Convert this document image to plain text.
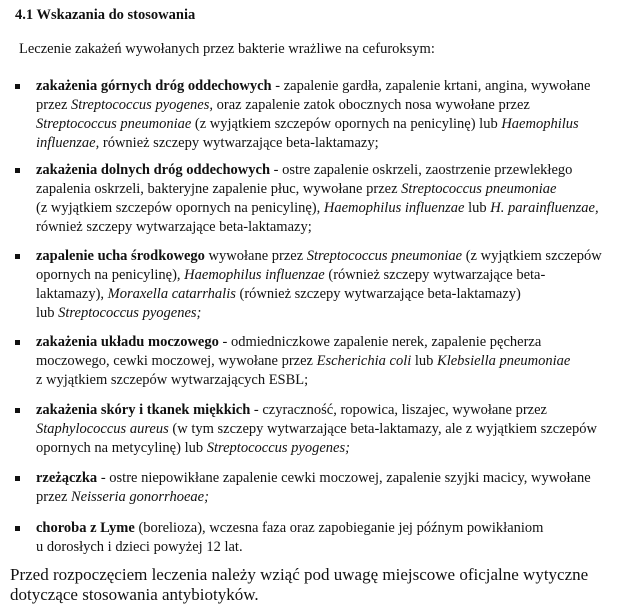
4.1 Wskazania do stosowania
Leczenie zakażeń wywołanych przez bakterie wrażliwe na cefuroksym:
zakażenia górnych dróg oddechowych - zapalenie gardła, zapalenie krtani, angina, wywołane
przez Streptococcus pyogenes, oraz zapalenie zatok obocznych nosa wywołane przez
Streptococcus pneumoniae (z wyjątkiem szczepów opornych na penicylinę) lub Haemophilus
influenzae, również szczepy wytwarzające beta-laktamazy;
zakażenia dolnych dróg oddechowych - ostre zapalenie oskrzeli, zaostrzenie przewlekłego
zapalenia oskrzeli, bakteryjne zapalenie płuc, wywołane przez Streptococcus pneumoniae
(z wyjątkiem szczepów opornych na penicylinę), Haemophilus influenzae lub H. parainfluenzae,
również szczepy wytwarzające beta-laktamazy;
zapalenie ucha środkowego wywołane przez Streptococcus pneumoniae (z wyjątkiem szczepów
opornych na penicylinę), Haemophilus influenzae (również szczepy wytwarzające beta-
laktamazy), Moraxella catarrhalis (również szczepy wytwarzające beta-laktamazy)
lub Streptococcus pyogenes;
zakażenia układu moczowego - odmiedniczkowe zapalenie nerek, zapalenie pęcherza
moczowego, cewki moczowej, wywołane przez Escherichia coli lub Klebsiella pneumoniae
z wyjątkiem szczepów wytwarzających ESBL;
zakażenia skóry i tkanek miękkich - czyraczność, ropowica, liszajec, wywołane przez
Staphylococcus aureus (w tym szczepy wytwarzające beta-laktamazy, ale z wyjątkiem szczepów
opornych na metycylinę) lub Streptococcus pyogenes;
rzeżączka - ostre niepowikłane zapalenie cewki moczowej, zapalenie szyjki macicy, wywołane
przez Neisseria gonorrhoeae;
choroba z Lyme (borelioza), wczesna faza oraz zapobieganie jej późnym powikłaniom
u dorosłych i dzieci powyżej 12 lat.
Przed rozpoczęciem leczenia należy wziąć pod uwagę miejscowe oficjalne wytyczne
dotyczące stosowania antybiotyków.
